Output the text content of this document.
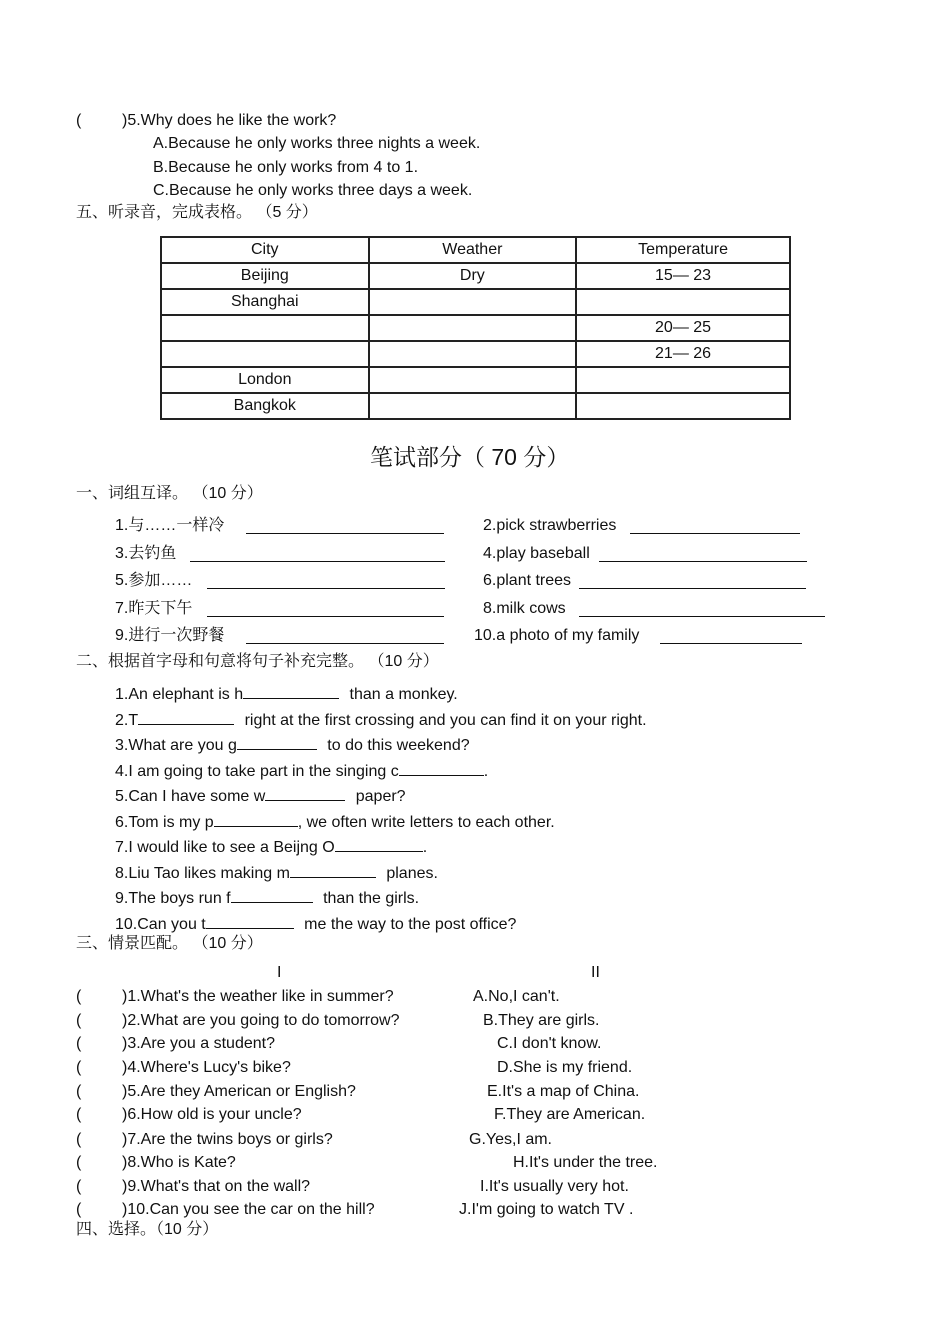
(	)5.Why does he like the work?
A.Because he only works three nights a week.
B.Because he only works from 4 to 1.
C.Because he only works three days a week.
五、听录音，完成表格。 （5 分）
City	Weather	Temperature
Beijing	Dry	15— 23
Shanghai		
		20— 25
		21— 26
London		
Bangkok		
笔试部分（ 70 分）
一、词组互译。 （10 分）
1.与……一样冷	2.pick strawberries
3.去钓鱼	4.play baseball
5.参加……	6.plant trees
7.昨天下午	8.milk cows
9.进行一次野餐	10.a photo of my family
二、根据首字母和句意将句子补充完整。 （10 分）
1.An elephant is h	than a monkey.
2.T	right at the first crossing and you can find it on your right.
3.What are you g	to do this weekend?
4.I am going to take part in the singing c	.
5.Can I have some w	paper?
6.Tom is my p	, we often write letters to each other.
7.I would like to see a Beijng O	.
8.Liu Tao likes making m	planes.
9.The boys run f	than the girls.
10.Can you t	me the way to the post office?
三、情景匹配。 （10 分）
I	II
(	)1.What's the weather like in summer?	A.No,I can't.
(	)2.What are you going to do tomorrow?	B.They are girls.
(	)3.Are you a student?	C.I don't know.
(	)4.Where's Lucy's bike?	D.She is my friend.
(	)5.Are they American or English?	E.It's a map of China.
(	)6.How old is your uncle?	F.They are American.
(	)7.Are the twins boys or girls?	G.Yes,I am.
(	)8.Who is Kate?	H.It's under the tree.
(	)9.What's that on the wall?	I.It's usually very hot.
(	)10.Can you see the car on the hill?	J.I'm going to watch TV .
四、选择。（10 分）
